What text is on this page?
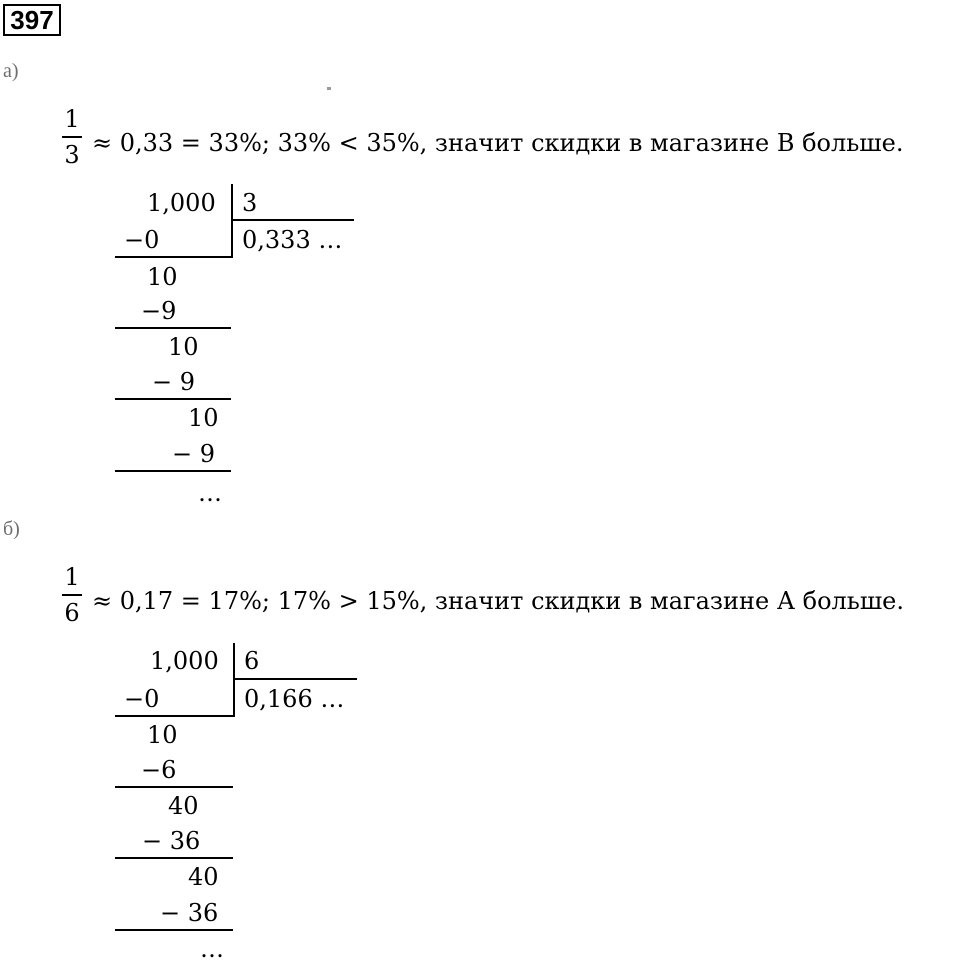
397
а)
1
3 ≈ 0,33 = 33%; 33% < 35%, значит скидки в магазине В больше.
1,000 3
0,333 …
−0
10
−9
10
− 9
10
− 9
…
б)
1
6 ≈ 0,17 = 17%; 17% > 15%, значит скидки в магазине А больше.
1,000 6
0,166 …
−0
10
−6
40
− 36
40
− 36
…
